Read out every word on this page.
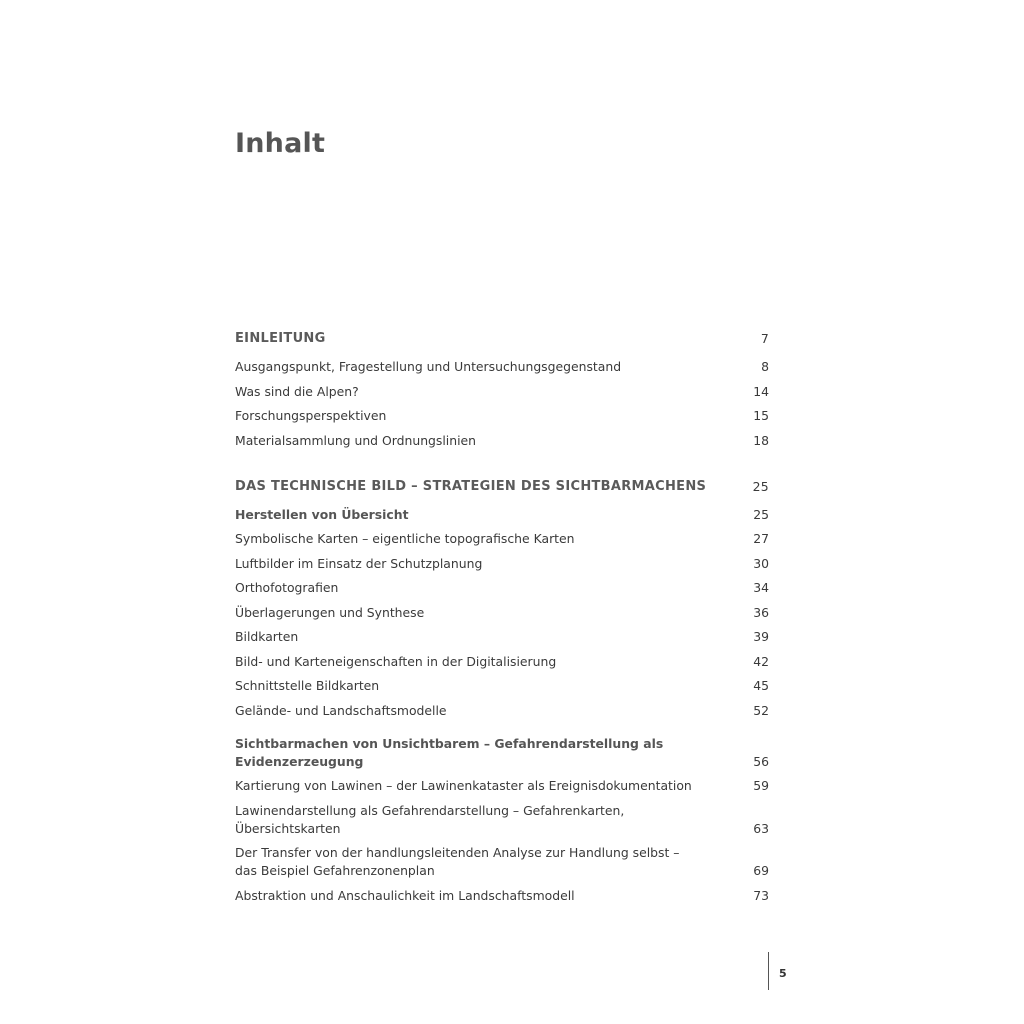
Inhalt
EINLEITUNG	7
Ausgangspunkt, Fragestellung und Untersuchungsgegenstand	8
Was sind die Alpen?	14
Forschungsperspektiven	15
Materialsammlung und Ordnungslinien	18
DAS TECHNISCHE BILD – STRATEGIEN DES SICHTBARMACHENS	25
Herstellen von Übersicht	25
Symbolische Karten – eigentliche topografische Karten	27
Luftbilder im Einsatz der Schutzplanung	30
Orthofotografien	34
Überlagerungen und Synthese	36
Bildkarten	39
Bild- und Karteneigenschaften in der Digitalisierung	42
Schnittstelle Bildkarten	45
Gelände- und Landschaftsmodelle	52
Sichtbarmachen von Unsichtbarem – Gefahrendarstellung als
Evidenzerzeugung	56
Kartierung von Lawinen – der Lawinenkataster als Ereignisdokumentation	59
Lawinendarstellung als Gefahrendarstellung – Gefahrenkarten, Übersichtskarten	63
Der Transfer von der handlungsleitenden Analyse zur Handlung selbst –
das Beispiel Gefahrenzonenplan	69
Abstraktion und Anschaulichkeit im Landschaftsmodell	73
5
